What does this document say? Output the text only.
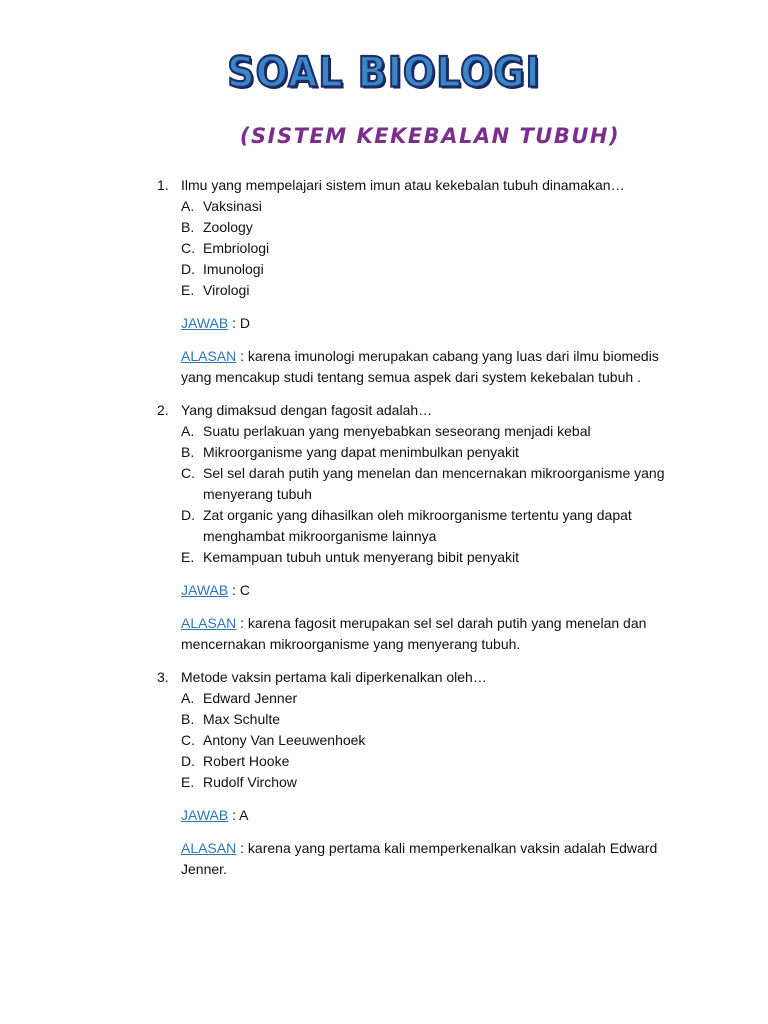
SOAL BIOLOGI
(SISTEM KEKEBALAN TUBUH)
1. Ilmu yang mempelajari sistem imun atau kekebalan tubuh dinamakan…
A. Vaksinasi
B. Zoology
C. Embriologi
D. Imunologi
E. Virologi
JAWAB : D
ALASAN : karena imunologi merupakan cabang yang luas dari ilmu biomedis yang mencakup studi tentang semua aspek dari system kekebalan tubuh .
2. Yang dimaksud dengan fagosit adalah…
A. Suatu perlakuan yang menyebabkan seseorang menjadi kebal
B. Mikroorganisme yang dapat menimbulkan penyakit
C. Sel sel darah putih yang menelan dan mencernakan mikroorganisme yang menyerang tubuh
D. Zat organic yang dihasilkan oleh mikroorganisme tertentu yang dapat menghambat mikroorganisme lainnya
E. Kemampuan tubuh untuk menyerang bibit penyakit
JAWAB : C
ALASAN : karena fagosit merupakan sel sel darah putih yang menelan dan mencernakan mikroorganisme yang menyerang tubuh.
3. Metode vaksin pertama kali diperkenalkan oleh…
A. Edward Jenner
B. Max Schulte
C. Antony Van Leeuwenhoek
D. Robert Hooke
E. Rudolf Virchow
JAWAB : A
ALASAN : karena yang pertama kali memperkenalkan vaksin adalah Edward Jenner.
